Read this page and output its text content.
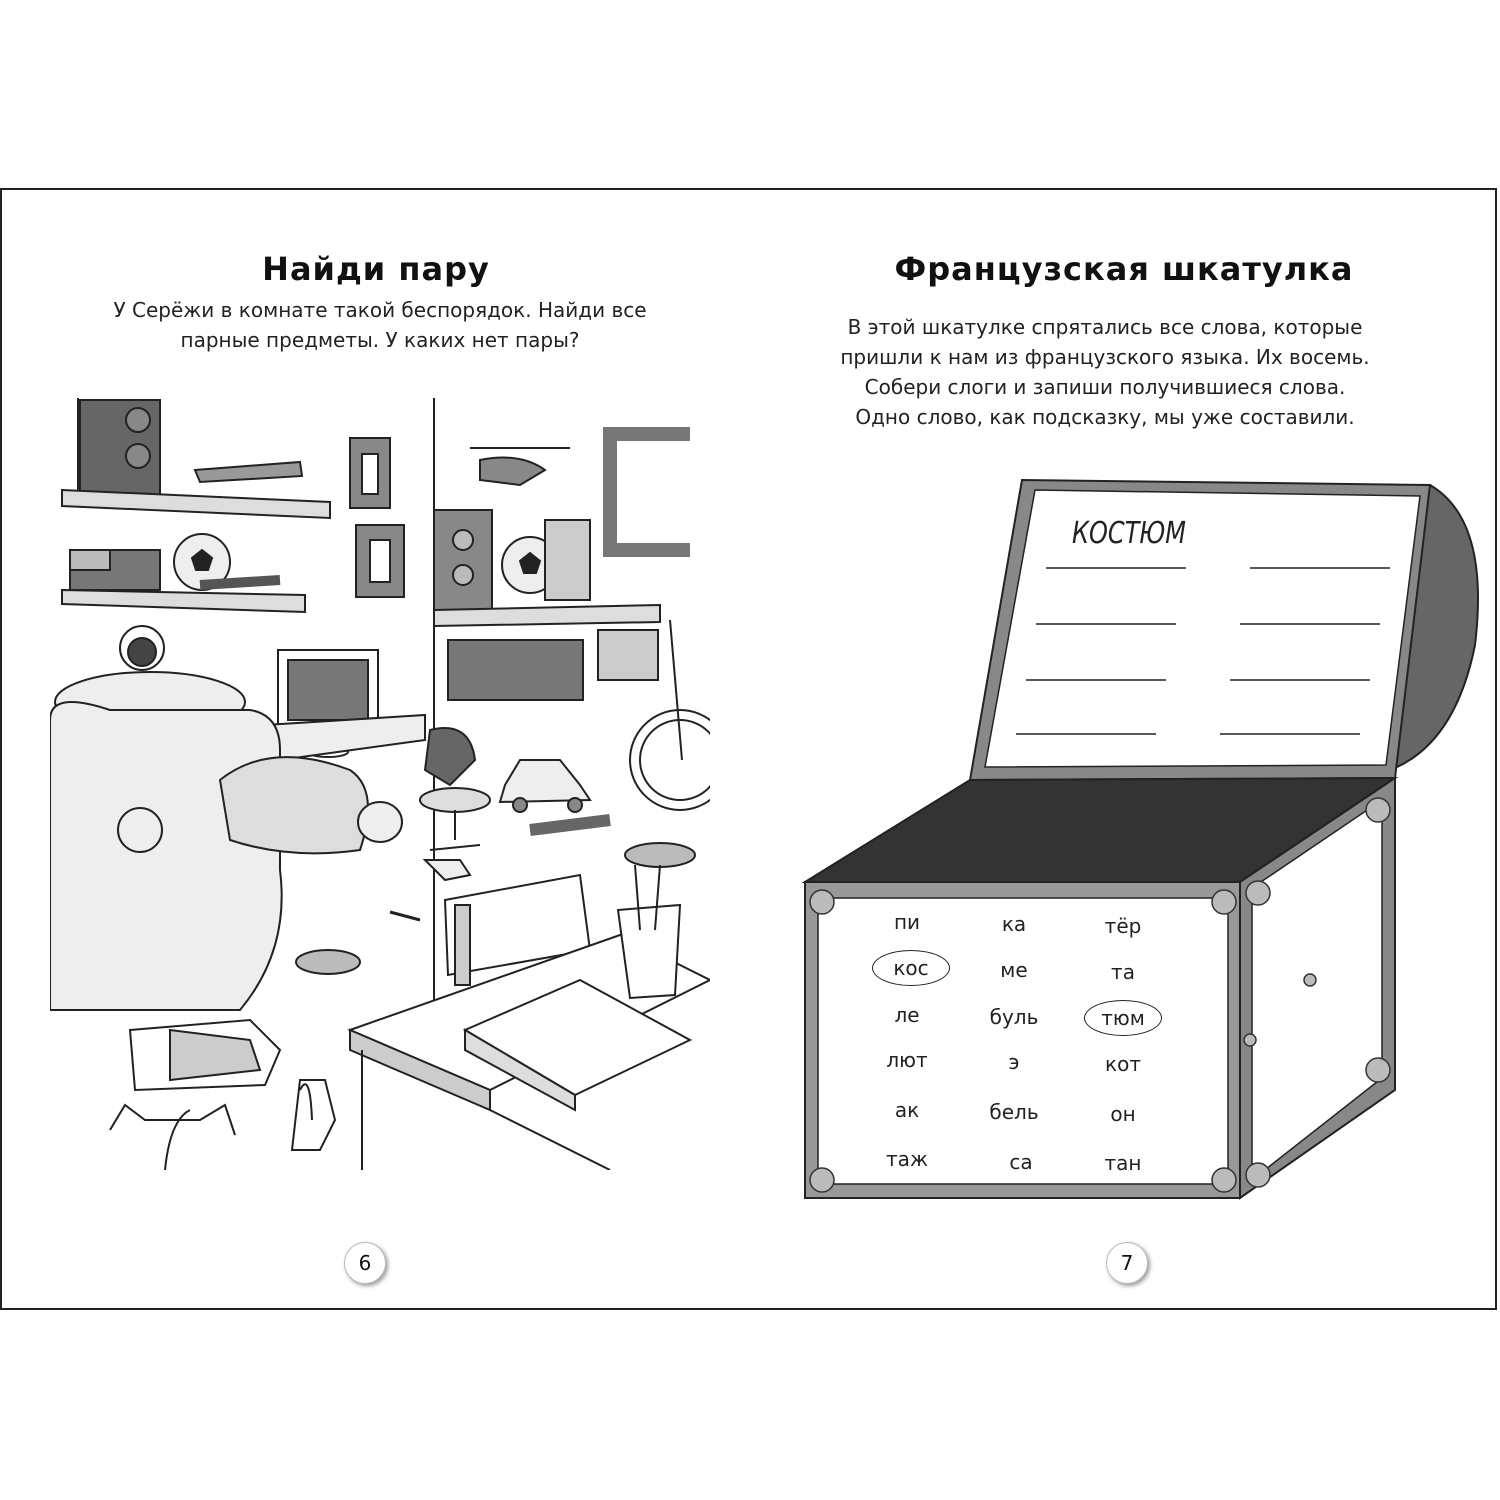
Найди пару
У Серёжи в комнате такой беспорядок. Найди все
парные предметы. У каких нет пары?
6
Французская шкатулка
В этой шкатулке спрятались все слова, которые
пришли к нам из французского языка. Их восемь.
Собери слоги и запиши получившиеся слова.
Одно слово, как подсказку, мы уже составили.
КОСТЮМ
пи	ка	тёр
кос	ме	та
ле	буль	тюм
лют	э	кот
ак	бель	он
таж	са	тан
7
